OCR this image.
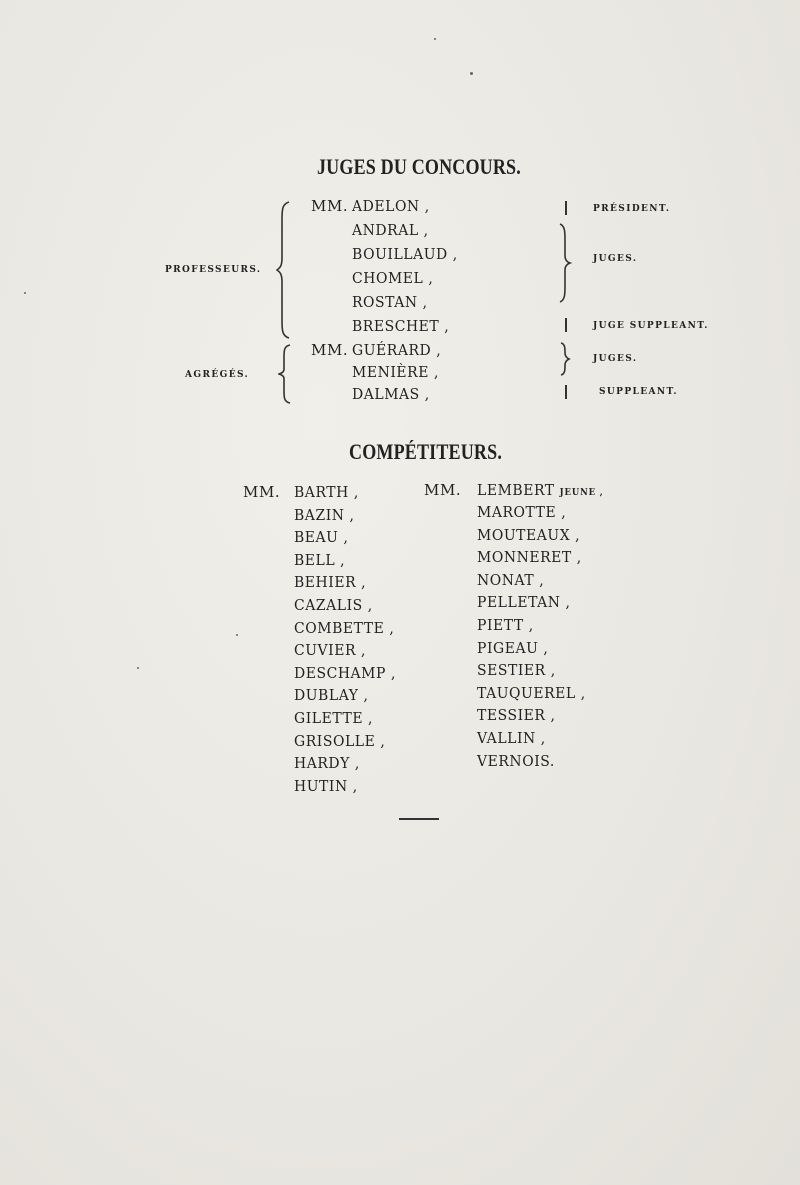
JUGES DU CONCOURS.
PROFESSEURS.
AGRÉGÉS.
MM. ADELON ,
ANDRAL ,
BOUILLAUD ,
CHOMEL ,
ROSTAN ,
BRESCHET ,
MM. GUÉRARD ,
MENIÈRE ,
DALMAS ,
PRÉSIDENT.
JUGES.
JUGE SUPPLEANT.
JUGES.
SUPPLEANT.
COMPÉTITEURS.
MM.	MM.
BARTH ,
BAZIN ,
BEAU ,
BELL ,
BEHIER ,
CAZALIS ,
COMBETTE ,
CUVIER ,
DESCHAMP ,
DUBLAY ,
GILETTE ,
GRISOLLE ,
HARDY ,
HUTIN ,
LEMBERT JEUNE ,
MAROTTE ,
MOUTEAUX ,
MONNERET ,
NONAT ,
PELLETAN ,
PIETT ,
PIGEAU ,
SESTIER ,
TAUQUEREL ,
TESSIER ,
VALLIN ,
VERNOIS.
